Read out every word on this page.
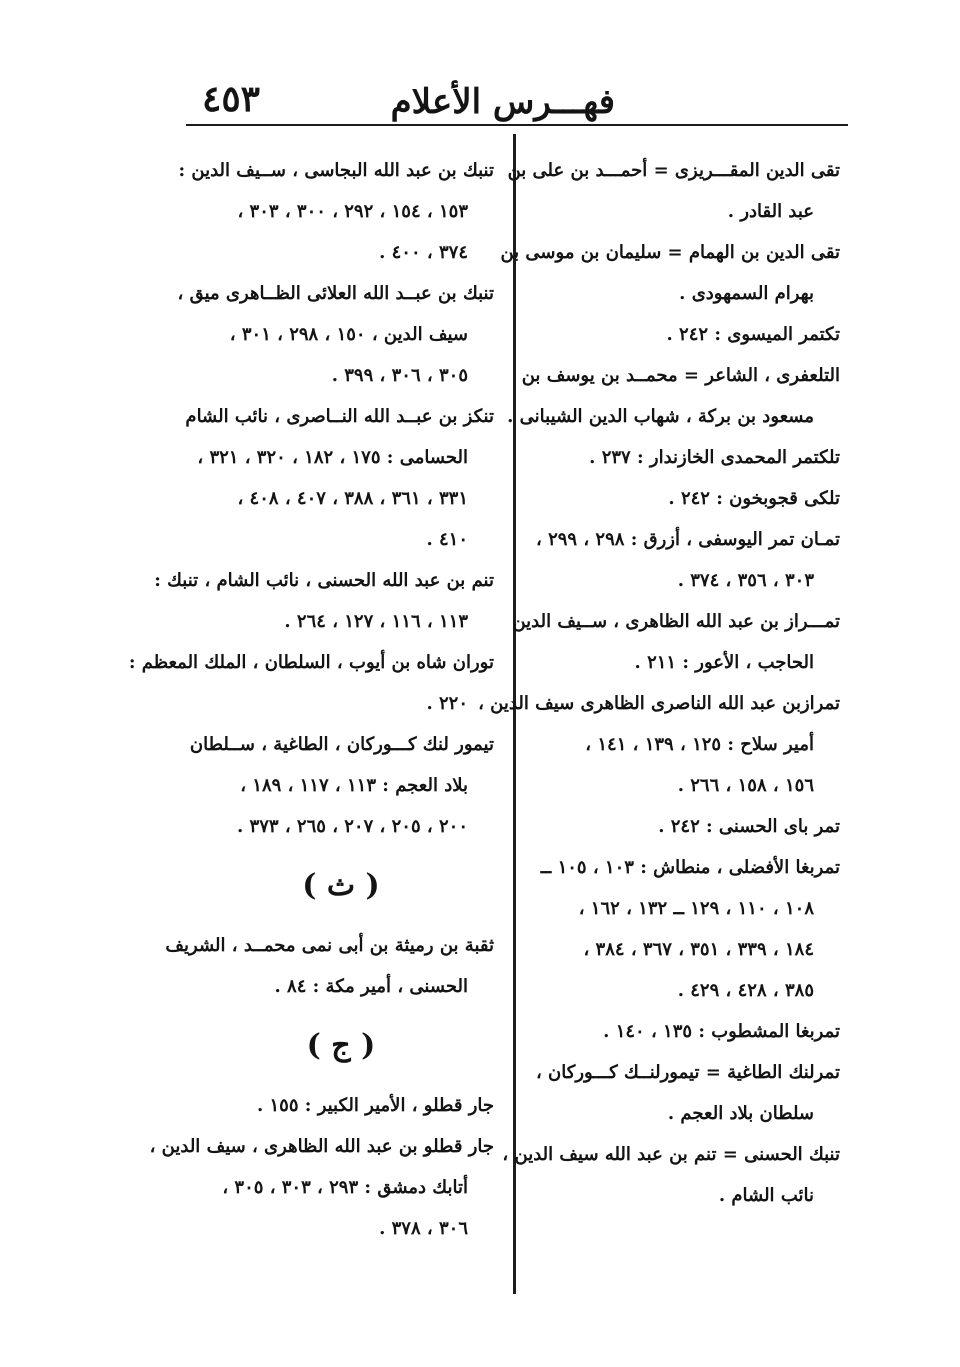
فهـــرس الأعلام
٤٥٣
تقى الدين المقـــريزى = أحمـــد بن على بن
عبد القادر .
تقى الدين بن الهمام = سليمان بن موسى بن
بهرام السمهودى .
تكتمر الميسوى : ٢٤٢ .
التلعفرى ، الشاعر = محمــد بن يوسف بن
مسعود بن بركة ، شهاب الدين الشيبانى .
تلكتمر المحمدى الخازندار : ٢٣٧ .
تلكى قجوبخون : ٢٤٢ .
تمـان تمر اليوسفى ، أزرق : ٢٩٨ ، ٢٩٩ ،
٣٠٣ ، ٣٥٦ ، ٣٧٤ .
تمـــراز بن عبد الله الظاهرى ، ســيف الدين
الحاجب ، الأعور : ٢١١ .
تمرازبن عبد الله الناصرى الظاهرى سيف الدين ،
أمير سلاح : ١٢٥ ، ١٣٩ ، ١٤١ ،
١٥٦ ، ١٥٨ ، ٢٦٦ .
تمر باى الحسنى : ٢٤٢ .
تمربغا الأفضلى ، منطاش : ١٠٣ ، ١٠٥ ــ
١٠٨ ، ١١٠ ، ١٢٩ ــ ١٣٢ ، ١٦٢ ،
١٨٤ ، ٣٣٩ ، ٣٥١ ، ٣٦٧ ، ٣٨٤ ،
٣٨٥ ، ٤٢٨ ، ٤٢٩ .
تمربغا المشطوب : ١٣٥ ، ١٤٠ .
تمرلنك الطاغية = تيمورلنــك كـــوركان ،
سلطان بلاد العجم .
تنبك الحسنى = تنم بن عبد الله سيف الدين ،
نائب الشام .
تنبك بن عبد الله البجاسى ، ســيف الدين :
١٥٣ ، ١٥٤ ، ٢٩٢ ، ٣٠٠ ، ٣٠٣ ،
٣٧٤ ، ٤٠٠ .
تنبك بن عبــد الله العلائى الظــاهرى ميق ،
سيف الدين ، ١٥٠ ، ٢٩٨ ، ٣٠١ ،
٣٠٥ ، ٣٠٦ ، ٣٩٩ .
تنكز بن عبــد الله النــاصرى ، نائب الشام
الحسامى : ١٧٥ ، ١٨٢ ، ٣٢٠ ، ٣٢١ ،
٣٣١ ، ٣٦١ ، ٣٨٨ ، ٤٠٧ ، ٤٠٨ ،
٤١٠ .
تنم بن عبد الله الحسنى ، نائب الشام ، تنبك :
١١٣ ، ١١٦ ، ١٢٧ ، ٢٦٤ .
توران شاه بن أيوب ، السلطان ، الملك المعظم :
٢٢٠ .
تيمور لنك كـــوركان ، الطاغية ، ســلطان
بلاد العجم : ١١٣ ، ١١٧ ، ١٨٩ ،
٢٠٠ ، ٢٠٥ ، ٢٠٧ ، ٢٦٥ ، ٣٧٣ .
( ث )
ثقبة بن رميثة بن أبى نمى محمــد ، الشريف
الحسنى ، أمير مكة : ٨٤ .
( ج )
جار قطلو ، الأمير الكبير : ١٥٥ .
جار قطلو بن عبد الله الظاهرى ، سيف الدين ،
أتابك دمشق : ٢٩٣ ، ٣٠٣ ، ٣٠٥ ،
٣٠٦ ، ٣٧٨ .
